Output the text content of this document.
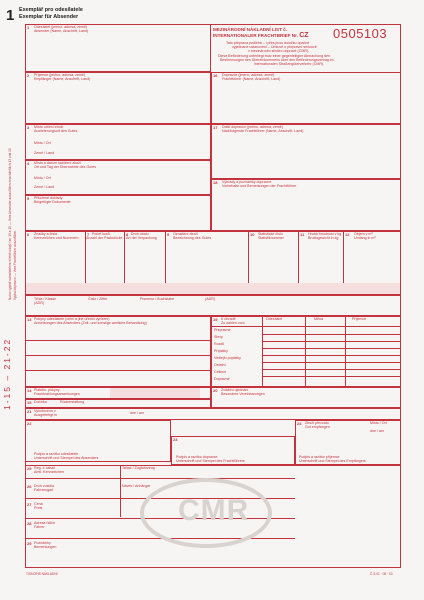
1 Exemplář pro odesílatele
Exemplar für Absender
Nutno vyplnit odesílatelem včetně údajů čar. 13 a 15 — Vom Absender auszufüllen einschließlich 13 und 15 Vyplní dopravce — Vom Frachtführer auszufüllen
1-15 – 21-22
1 Odesílatel (jméno, adresa, země)
Absender (Name, Anschrift, Land)	MEZINÁRODNÍ NÁKLADNÍ LIST č.
INTERNATIONALER FRACHTBRIEF Nr. CZ 0505103
Tato přeprava podléhá – i přes jinou doložku opačné
vyjednané ustanovení – Úmluvě o přepravní smlouvě
v mezinárodní silniční dopravě (CMR).
Diese Beförderung unterliegt trotz einer gegenteiligen Abmachung den
Bestimmungen des Übereinkommens über den Beförderungsvertrag im
internationalen Straßengüterverkehr (CMR).
2 Příjemce (jméno, adresa, země)
Empfänger (Name, Anschrift, Land)
16 Dopravce (jméno, adresa, země)
Frachtführer (Name, Anschrift, Land)
3 Místo určení zboží
Auslieferungsort des Gutes
Místo / Ort
Země / Land
17 Další dopravce (jméno, adresa, země)
Nachfolgende Frachtführer (Name, Anschrift, Land)
4 Místo a datum naložení zboží
Ort und Tag der Übernahme des Gutes
Místo / Ort
Země / Land
18 Výhrady a poznámky dopravce
Vorbehalte und Bemerkungen der Frachtführer
5 Přiložené doklady
Beigefügte Dokumente
6 Značky a čísla
Kennzeichen und Nummern
7 Počet kusů
Anzahl der Packstücke
8 Druh obalu
Art der Verpackung
9 Označení zboží
Bezeichnung des Gutes
10 Statistické číslo
Statistiknummer
11 Hrubá hmotnost v kg
Bruttogewicht in kg
12 Objem v m³
Umfang in m³
Třída / Klasse
(ADR)
Číslo / Ziffer	Písmeno / Buchstabe	(ADR)
13 Pokyny odesílatele (celní a jiné úřední vyřízení)
Anweisungen des Absenders (Zoll- und sonstige amtliche Behandlung)
19 K úhradě
Zu zahlen vom
Odesílatel	Měna	Příjemce
Přepravné
Slevy
Rozdíl
Příplatky
Vedlejší poplatky
Ostatní
Celkem
Dopravné
14 Platebn. pokyny
Frachtzahlungsanweisungen
20 Zvláštní ujednání
Besondere Vereinbarungen
15 Dobírka	Rückerstattung
21 Vyhotoveno v
Ausgefertigt in	dne / am
22
Podpis a razítko odesílatele
Unterschrift und Stempel des Absenders
23
Podpis a razítko dopravce
Unterschrift und Stempel des Frachtführers
24 Zboží převzato
Gut empfangen
Místo / Ort
dne / am
Podpis a razítko příjemce
Unterschrift und Stempel des Empfängers
25 Reg. č. tahač
Amtl. Kennzeichen
Tahač / Zugfahrzeug
26 Druh vozidla
Fahrzeugart
Návěs / Anhänger
27 Cena
Preis
28 Adresa řidiče
Fahrer
29 Poznámky
Bemerkungen
CMR
TISKOPIS NÁKLADNÍ	Č.S.01 · 05 · 03
